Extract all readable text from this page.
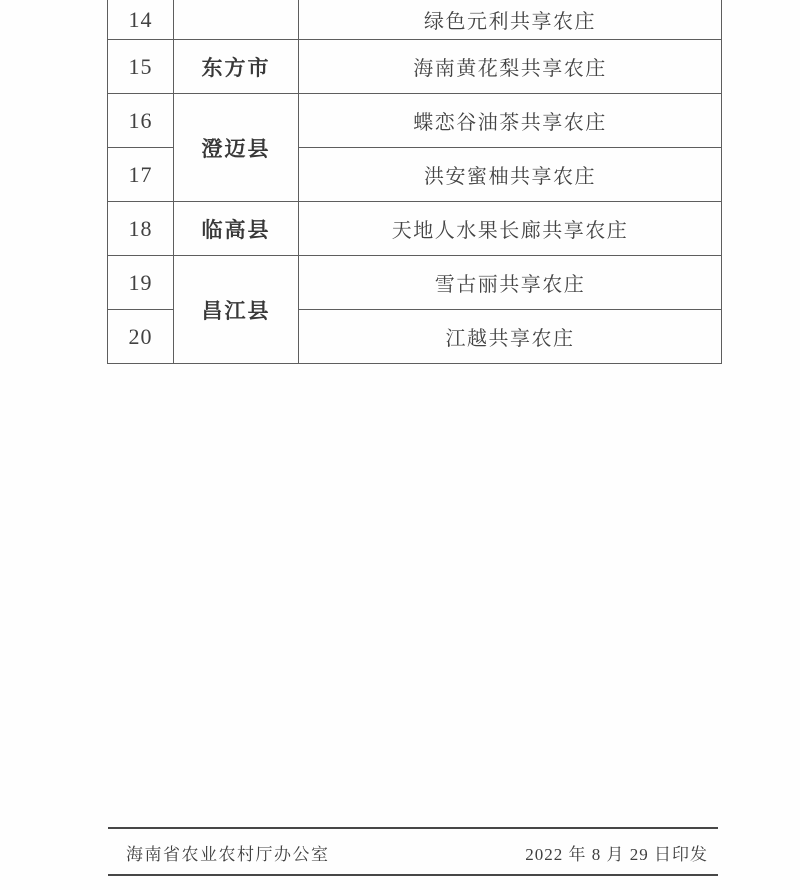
14		绿色元利共享农庄
15	东方市	海南黄花梨共享农庄
16	澄迈县	蝶恋谷油茶共享农庄
17		洪安蜜柚共享农庄
18	临高县	天地人水果长廊共享农庄
19	昌江县	雪古丽共享农庄
20		江越共享农庄
海南省农业农村厅办公室	2022 年 8 月 29 日印发
